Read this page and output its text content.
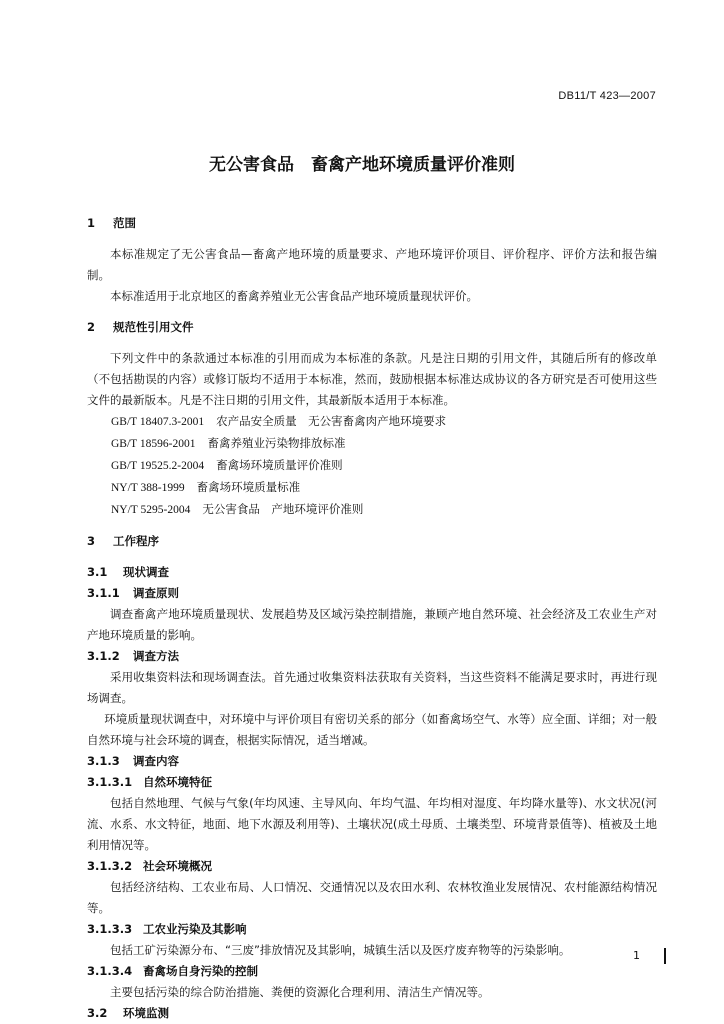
DB11/T 423—2007
无公害食品　畜禽产地环境质量评价准则

1 范围

本标准规定了无公害食品—畜禽产地环境的质量要求、产地环境评价项目、评价程序、评价方法和报告编制。

本标准适用于北京地区的畜禽养殖业无公害食品产地环境质量现状评价。

2 规范性引用文件

下列文件中的条款通过本标准的引用而成为本标准的条款。凡是注日期的引用文件，其随后所有的修改单（不包括勘误的内容）或修订版均不适用于本标准，然而，鼓励根据本标准达成协议的各方研究是否可使用这些文件的最新版本。凡是不注日期的引用文件，其最新版本适用于本标准。

GB/T 18407.3-2001 农产品安全质量　无公害畜禽肉产地环境要求

GB/T 18596-2001 畜禽养殖业污染物排放标准

GB/T 19525.2-2004 畜禽场环境质量评价准则

NY/T 388-1999 畜禽场环境质量标准

NY/T 5295-2004 无公害食品　产地环境评价准则

3 工作程序

3.1 现状调查

3.1.1 调查原则

调查畜禽产地环境质量现状、发展趋势及区域污染控制措施，兼顾产地自然环境、社会经济及工农业生产对产地环境质量的影响。

3.1.2 调查方法

采用收集资料法和现场调查法。首先通过收集资料法获取有关资料，当这些资料不能满足要求时，再进行现场调查。

环境质量现状调查中，对环境中与评价项目有密切关系的部分（如畜禽场空气、水等）应全面、详细；对一般自然环境与社会环境的调查，根据实际情况，适当增减。

3.1.3 调查内容

3.1.3.1 自然环境特征

包括自然地理、气候与气象(年均风速、主导风向、年均气温、年均相对湿度、年均降水量等)、水文状况(河流、水系、水文特征，地面、地下水源及利用等)、土壤状况(成土母质、土壤类型、环境背景值等)、植被及土地利用情况等。

3.1.3.2 社会环境概况

包括经济结构、工农业布局、人口情况、交通情况以及农田水利、农林牧渔业发展情况、农村能源结构情况等。

3.1.3.3 工农业污染及其影响

包括工矿污染源分布、“三废”排放情况及其影响，城镇生活以及医疗废弃物等的污染影响。

3.1.3.4 畜禽场自身污染的控制

主要包括污染的综合防治措施、粪便的资源化合理利用、清洁生产情况等。

3.2 环境监测

1
